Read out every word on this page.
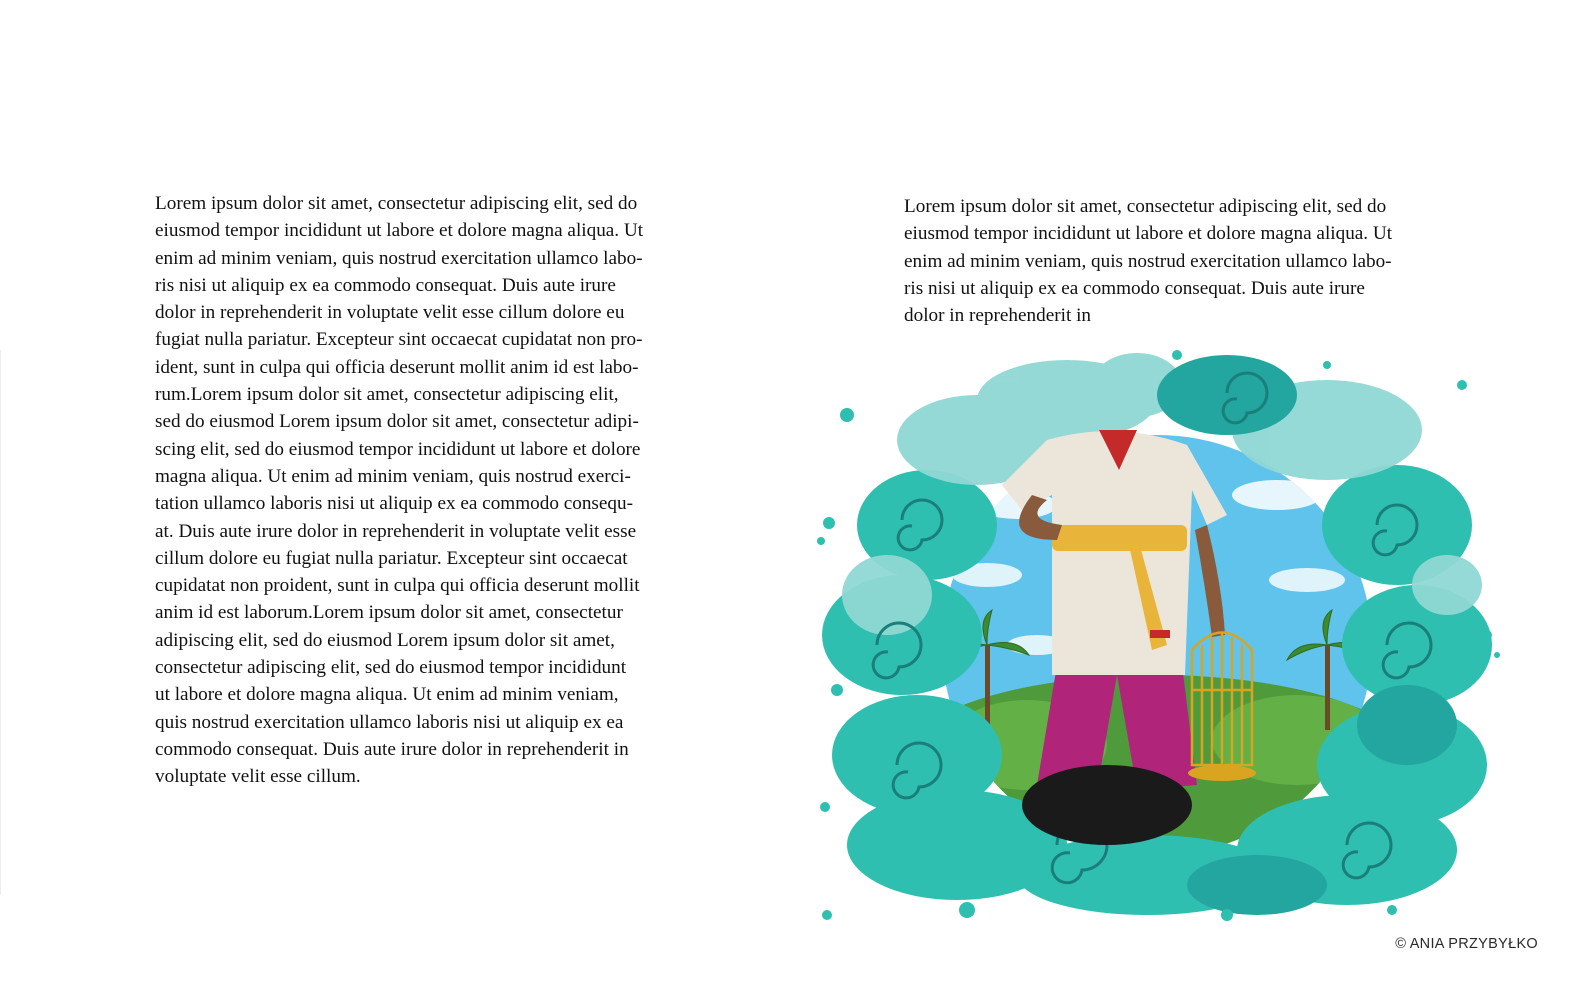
Lorem ipsum dolor sit amet, consectetur adipiscing elit, sed do
eiusmod tempor incididunt ut labore et dolore magna aliqua. Ut
enim ad minim veniam, quis nostrud exercitation ullamco labo-
ris nisi ut aliquip ex ea commodo consequat. Duis aute irure
dolor in reprehenderit in voluptate velit esse cillum dolore eu
fugiat nulla pariatur. Excepteur sint occaecat cupidatat non pro-
ident, sunt in culpa qui officia deserunt mollit anim id est labo-
rum.Lorem ipsum dolor sit amet, consectetur adipiscing elit,
sed do eiusmod Lorem ipsum dolor sit amet, consectetur adipi-
scing elit, sed do eiusmod tempor incididunt ut labore et dolore
magna aliqua. Ut enim ad minim veniam, quis nostrud exerci-
tation ullamco laboris nisi ut aliquip ex ea commodo consequ-
at. Duis aute irure dolor in reprehenderit in voluptate velit esse
cillum dolore eu fugiat nulla pariatur. Excepteur sint occaecat
cupidatat non proident, sunt in culpa qui officia deserunt mollit
anim id est laborum.Lorem ipsum dolor sit amet, consectetur
adipiscing elit, sed do eiusmod Lorem ipsum dolor sit amet,
consectetur adipiscing elit, sed do eiusmod tempor incididunt
ut labore et dolore magna aliqua. Ut enim ad minim veniam,
quis nostrud exercitation ullamco laboris nisi ut aliquip ex ea
commodo consequat. Duis aute irure dolor in reprehenderit in
voluptate velit esse cillum.

Lorem ipsum dolor sit amet, consectetur adipiscing elit, sed do
eiusmod tempor incididunt ut labore et dolore magna aliqua. Ut
enim ad minim veniam, quis nostrud exercitation ullamco labo-
ris nisi ut aliquip ex ea commodo consequat. Duis aute irure
dolor in reprehenderit in

© ANIA PRZYBYŁKO
